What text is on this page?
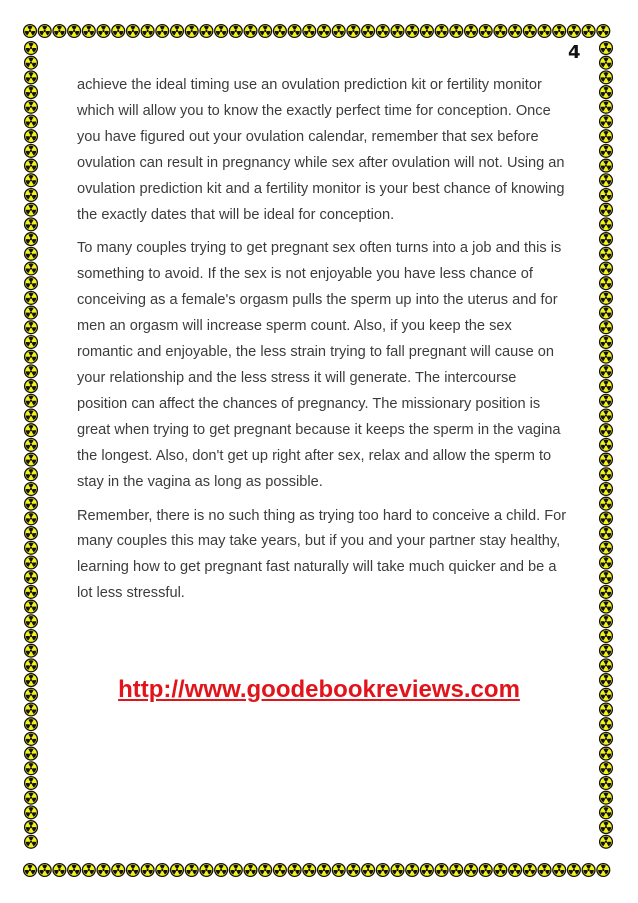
4

achieve the ideal timing use an ovulation prediction kit or fertility monitor which will allow you to know the exactly perfect time for conception. Once you have figured out your ovulation calendar, remember that sex before ovulation can result in pregnancy while sex after ovulation will not. Using an ovulation prediction kit and a fertility monitor is your best chance of knowing the exactly dates that will be ideal for conception.

To many couples trying to get pregnant sex often turns into a job and this is something to avoid. If the sex is not enjoyable you have less chance of conceiving as a female's orgasm pulls the sperm up into the uterus and for men an orgasm will increase sperm count. Also, if you keep the sex romantic and enjoyable, the less strain trying to fall pregnant will cause on your relationship and the less stress it will generate. The intercourse position can affect the chances of pregnancy. The missionary position is great when trying to get pregnant because it keeps the sperm in the vagina the longest. Also, don't get up right after sex, relax and allow the sperm to stay in the vagina as long as possible.

Remember, there is no such thing as trying too hard to conceive a child. For many couples this may take years, but if you and your partner stay healthy, learning how to get pregnant fast naturally will take much quicker and be a lot less stressful.

http://www.goodebookreviews.com
